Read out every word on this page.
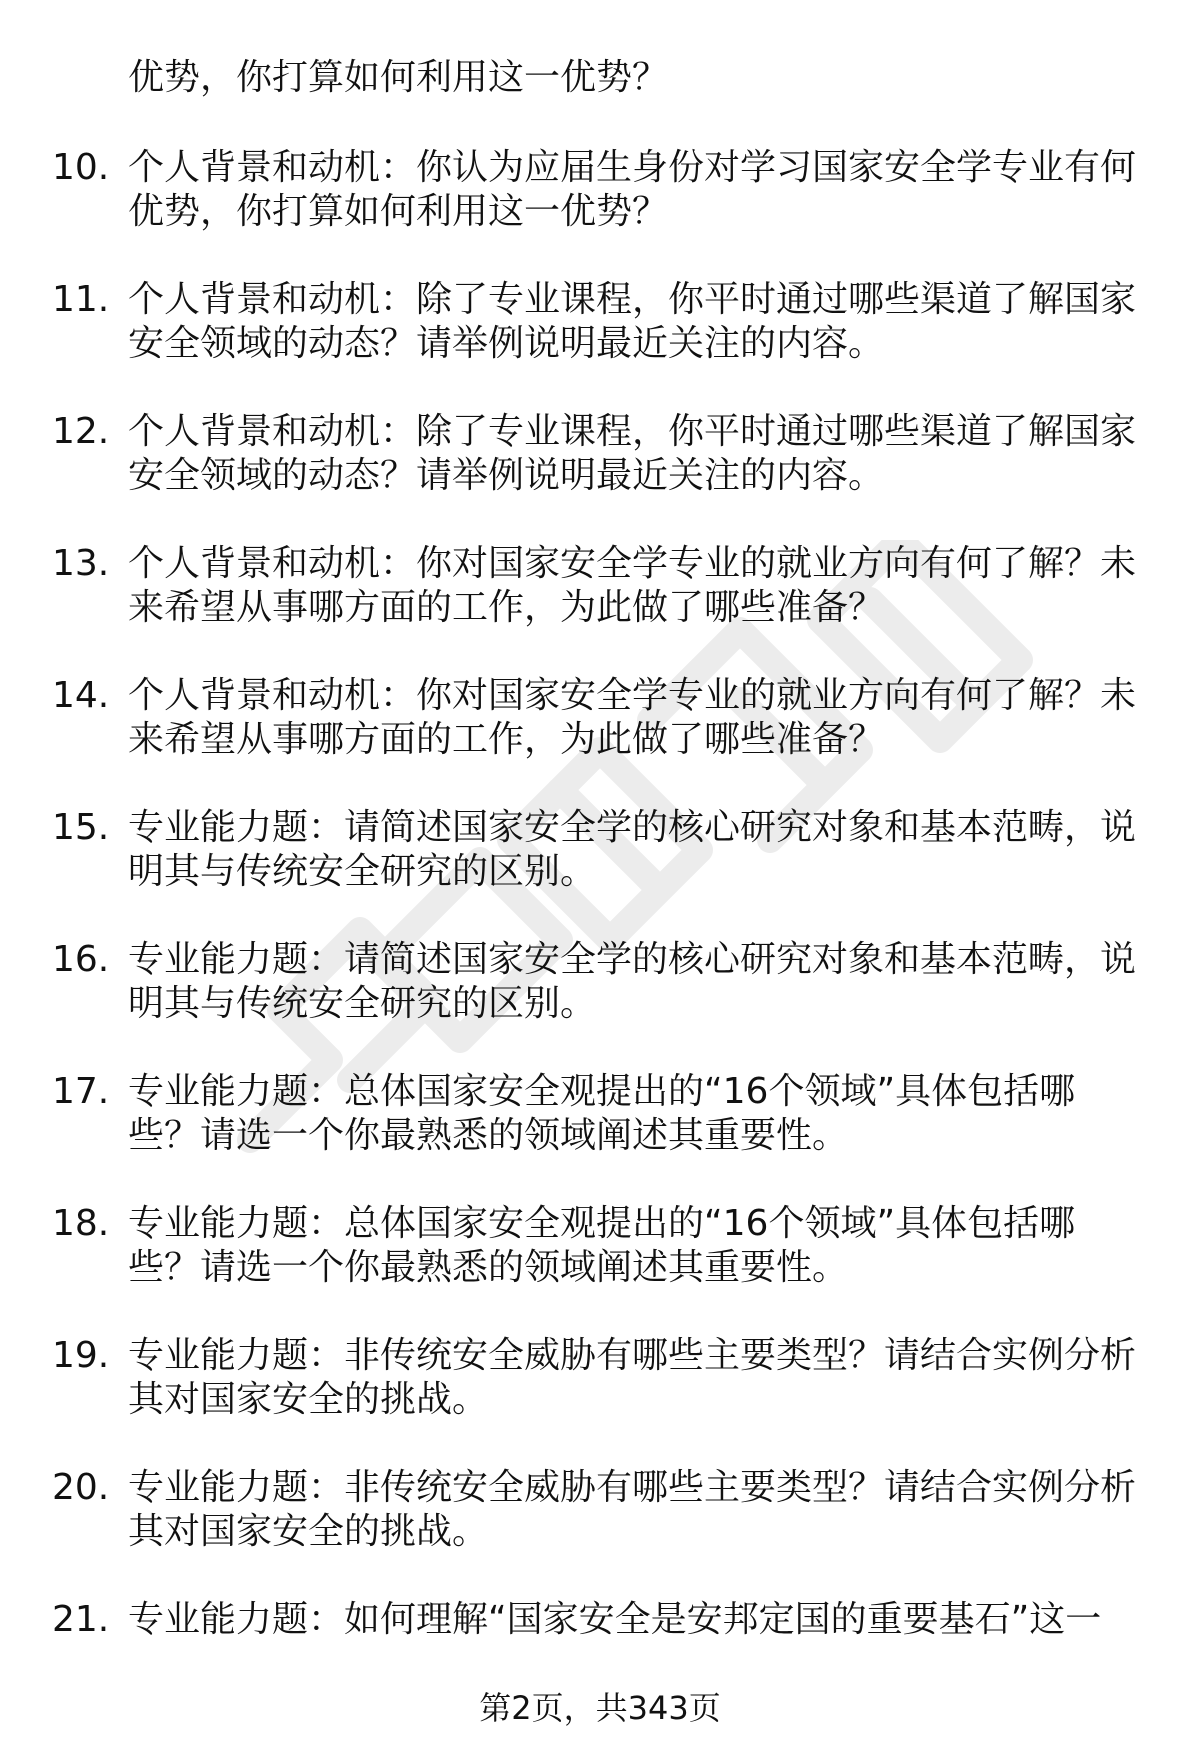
优势，你打算如何利用这一优势？
10. 个人背景和动机：你认为应届生身份对学习国家安全学专业有何
优势，你打算如何利用这一优势？
11. 个人背景和动机：除了专业课程，你平时通过哪些渠道了解国家
安全领域的动态？请举例说明最近关注的内容。
12. 个人背景和动机：除了专业课程，你平时通过哪些渠道了解国家
安全领域的动态？请举例说明最近关注的内容。
13. 个人背景和动机：你对国家安全学专业的就业方向有何了解？未
来希望从事哪方面的工作，为此做了哪些准备？
14. 个人背景和动机：你对国家安全学专业的就业方向有何了解？未
来希望从事哪方面的工作，为此做了哪些准备？
15. 专业能力题：请简述国家安全学的核心研究对象和基本范畴，说
明其与传统安全研究的区别。
16. 专业能力题：请简述国家安全学的核心研究对象和基本范畴，说
明其与传统安全研究的区别。
17. 专业能力题：总体国家安全观提出的“16个领域”具体包括哪
些？请选一个你最熟悉的领域阐述其重要性。
18. 专业能力题：总体国家安全观提出的“16个领域”具体包括哪
些？请选一个你最熟悉的领域阐述其重要性。
19. 专业能力题：非传统安全威胁有哪些主要类型？请结合实例分析
其对国家安全的挑战。
20. 专业能力题：非传统安全威胁有哪些主要类型？请结合实例分析
其对国家安全的挑战。
21. 专业能力题：如何理解“国家安全是安邦定国的重要基石”这一
第2页，共343页
